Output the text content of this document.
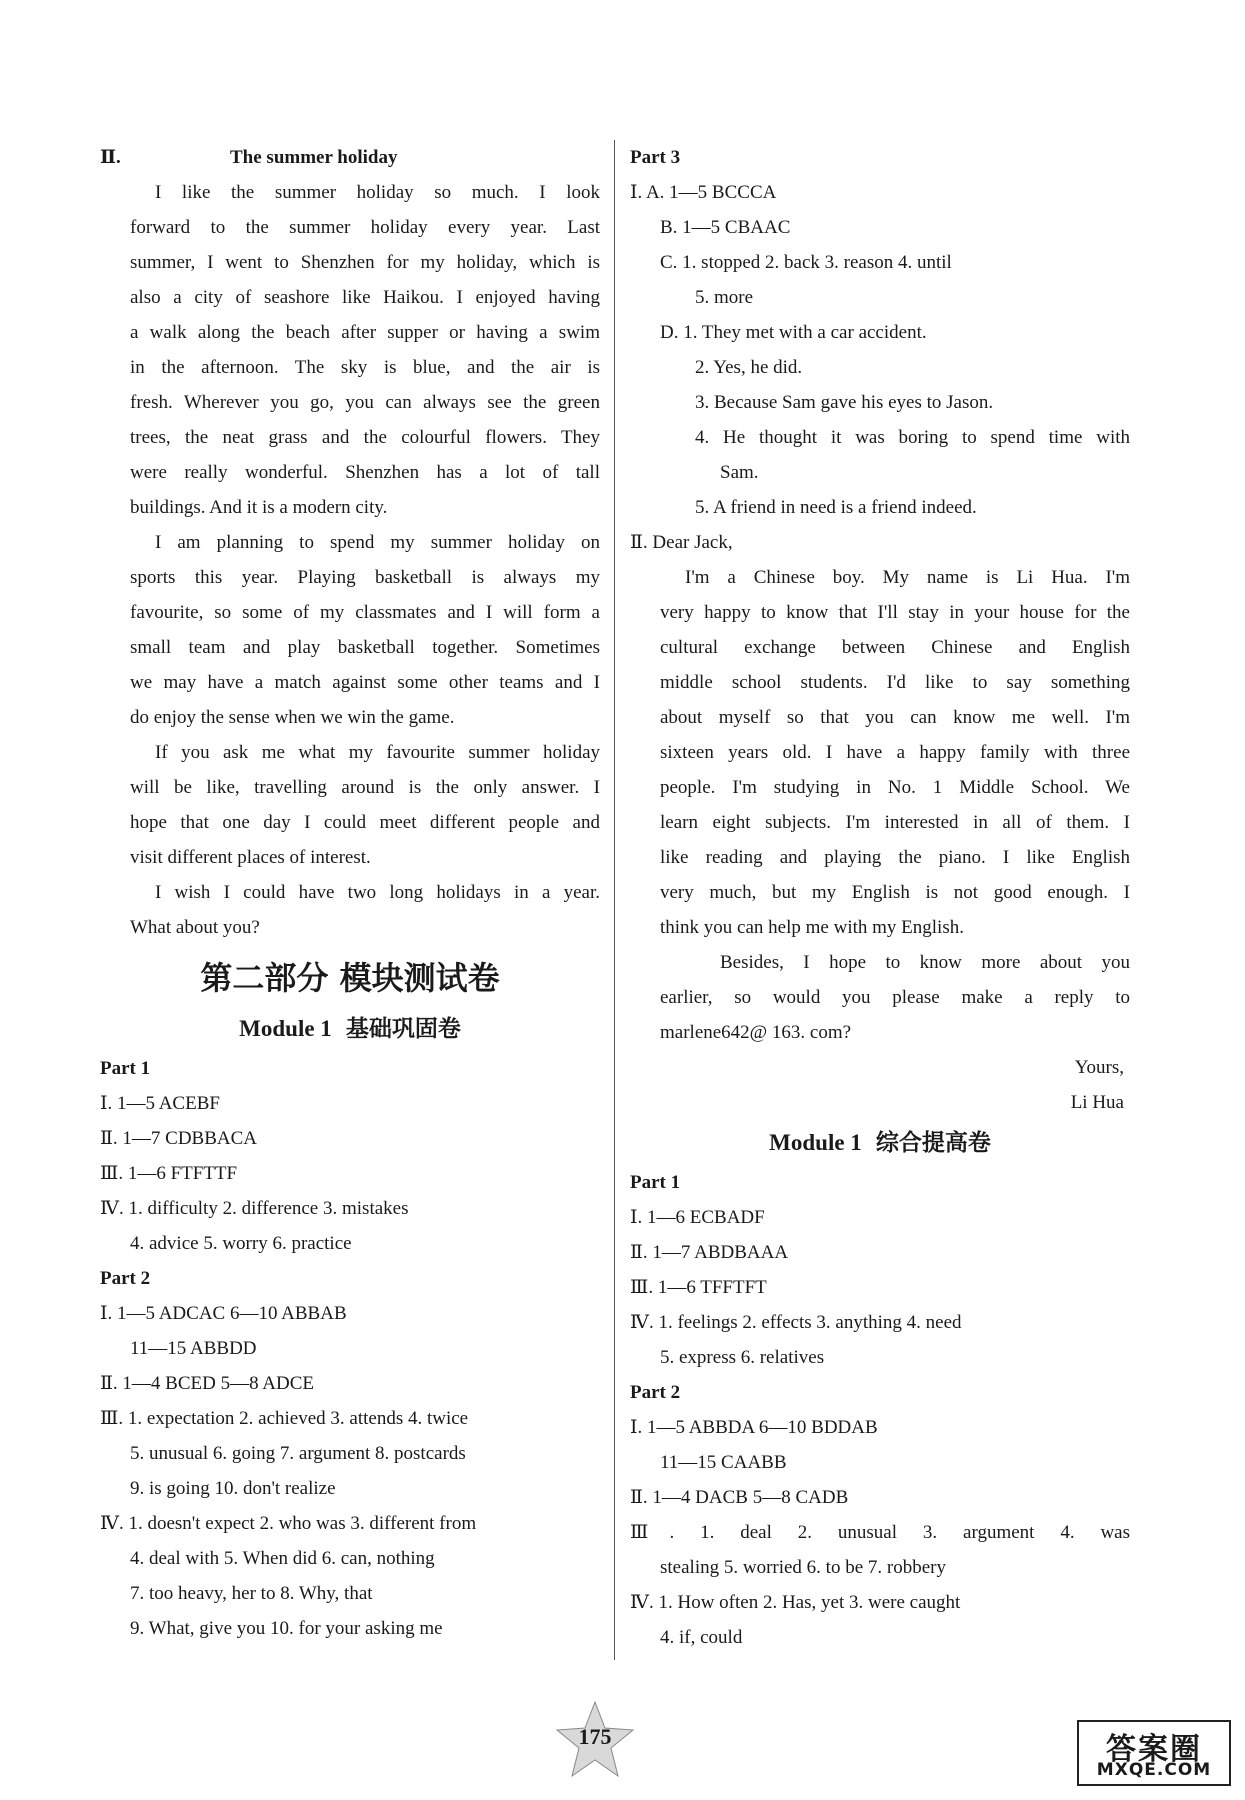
Ⅱ.	The summer holiday
I like the summer holiday so much. I look
forward to the summer holiday every year. Last
summer, I went to Shenzhen for my holiday, which is
also a city of seashore like Haikou. I enjoyed having
a walk along the beach after supper or having a swim
in the afternoon. The sky is blue, and the air is
fresh. Wherever you go, you can always see the green
trees, the neat grass and the colourful flowers. They
were really wonderful. Shenzhen has a lot of tall
buildings. And it is a modern city.
I am planning to spend my summer holiday on
sports this year. Playing basketball is always my
favourite, so some of my classmates and I will form a
small team and play basketball together. Sometimes
we may have a match against some other teams and I
do enjoy the sense when we win the game.
If you ask me what my favourite summer holiday
will be like, travelling around is the only answer. I
hope that one day I could meet different people and
visit different places of interest.
I wish I could have two long holidays in a year.
What about you?
第二部分 模块测试卷
Module 1 基础巩固卷
Part 1
Ⅰ. 1—5 ACEBF
Ⅱ. 1—7 CDBBACA
Ⅲ. 1—6 FTFTTF
Ⅳ. 1. difficulty 2. difference 3. mistakes
4. advice 5. worry 6. practice
Part 2
Ⅰ. 1—5 ADCAC 6—10 ABBAB
11—15 ABBDD
Ⅱ. 1—4 BCED 5—8 ADCE
Ⅲ. 1. expectation 2. achieved 3. attends 4. twice
5. unusual 6. going 7. argument 8. postcards
9. is going 10. don't realize
Ⅳ. 1. doesn't expect 2. who was 3. different from
4. deal with 5. When did 6. can, nothing
7. too heavy, her to 8. Why, that
9. What, give you 10. for your asking me
Part 3
Ⅰ. A. 1—5 BCCCA
B. 1—5 CBAAC
C. 1. stopped 2. back 3. reason 4. until
5. more
D. 1. They met with a car accident.
2. Yes, he did.
3. Because Sam gave his eyes to Jason.
4. He thought it was boring to spend time with
Sam.
5. A friend in need is a friend indeed.
Ⅱ. Dear Jack,
I'm a Chinese boy. My name is Li Hua. I'm
very happy to know that I'll stay in your house for the
cultural exchange between Chinese and English
middle school students. I'd like to say something
about myself so that you can know me well. I'm
sixteen years old. I have a happy family with three
people. I'm studying in No. 1 Middle School. We
learn eight subjects. I'm interested in all of them. I
like reading and playing the piano. I like English
very much, but my English is not good enough. I
think you can help me with my English.
Besides, I hope to know more about you
earlier, so would you please make a reply to
marlene642@ 163. com?
Yours,
Li Hua
Module 1 综合提高卷
Part 1
Ⅰ. 1—6 ECBADF
Ⅱ. 1—7 ABDBAAA
Ⅲ. 1—6 TFFTFT
Ⅳ. 1. feelings 2. effects 3. anything 4. need
5. express 6. relatives
Part 2
Ⅰ. 1—5 ABBDA 6—10 BDDAB
11—15 CAABB
Ⅱ. 1—4 DACB 5—8 CADB
Ⅲ. 1. deal 2. unusual 3. argument 4. was
stealing 5. worried 6. to be 7. robbery
Ⅳ. 1. How often 2. Has, yet 3. were caught
4. if, could
175	答案圈
MXQE.COM
